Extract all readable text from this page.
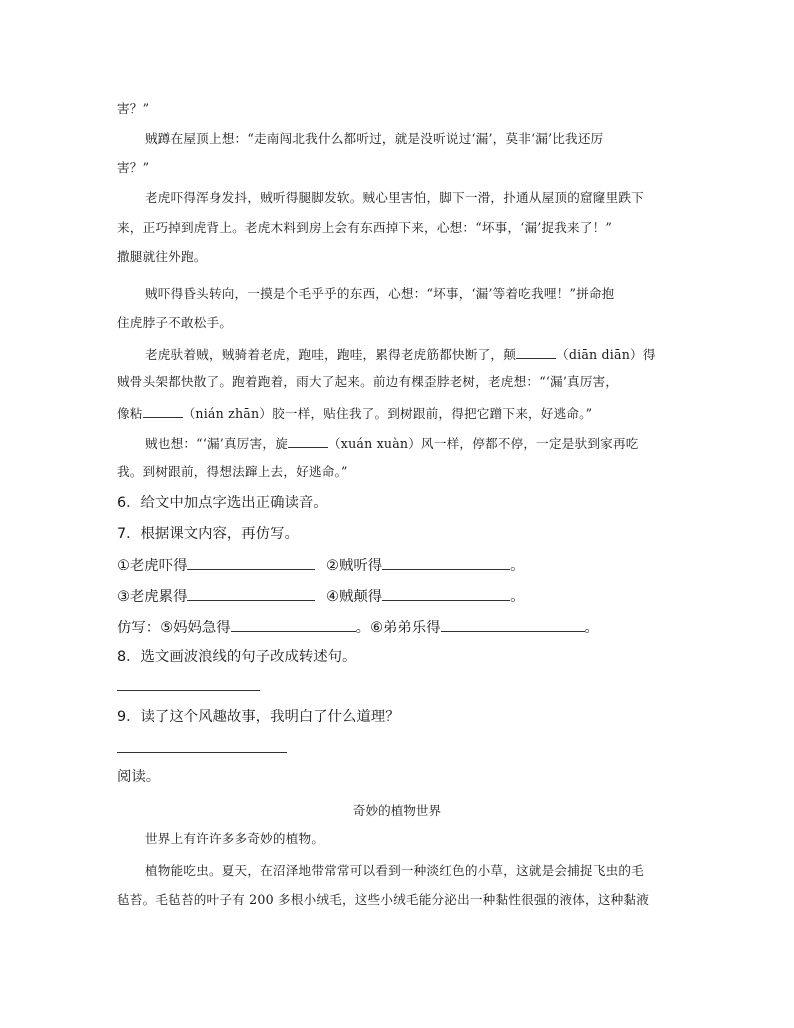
害？”
贼蹲在屋顶上想：“走南闯北我什么都听过，就是没听说过‘漏’，莫非‘漏’比我还厉
害？”
老虎吓得浑身发抖，贼听得腿脚发软。贼心里害怕，脚下一滑，扑通从屋顶的窟窿里跌下
来，正巧掉到虎背上。老虎木料到房上会有东西掉下来，心想：“坏事，‘漏’捉我来了！”
撒腿就往外跑。
贼吓得昏头转向，一摸是个毛乎乎的东西，心想：“坏事，‘漏’等着吃我哩！”拼命抱
住虎脖子不敢松手。
老虎驮着贼，贼骑着老虎，跑哇，跑哇，累得老虎筋都快断了，颠	（diān diān）得
贼骨头架都快散了。跑着跑着，雨大了起来。前边有棵歪脖老树，老虎想：“‘漏’真厉害，
像粘	（nián zhān）胶一样，贴住我了。到树跟前，得把它蹭下来，好逃命。”
贼也想：“‘漏’真厉害，旋	（xuán xuàn）风一样，停都不停，一定是驮到家再吃
我。到树跟前，得想法蹿上去，好逃命。”
6．给文中加点字选出正确读音。
7．根据课文内容，再仿写。
①老虎吓得	②贼听得	。
③老虎累得	④贼颠得	。
仿写：⑤妈妈急得	。⑥弟弟乐得	。
8．选文画波浪线的句子改成转述句。
9．读了这个风趣故事，我明白了什么道理？
阅读。
奇妙的植物世界
世界上有许许多多奇妙的植物。
植物能吃虫。夏天，在沼泽地带常常可以看到一种淡红色的小草，这就是会捕捉飞虫的毛
毡苔。毛毡苔的叶子有 200 多根小绒毛，这些小绒毛能分泌出一种黏性很强的液体，这种黏液
